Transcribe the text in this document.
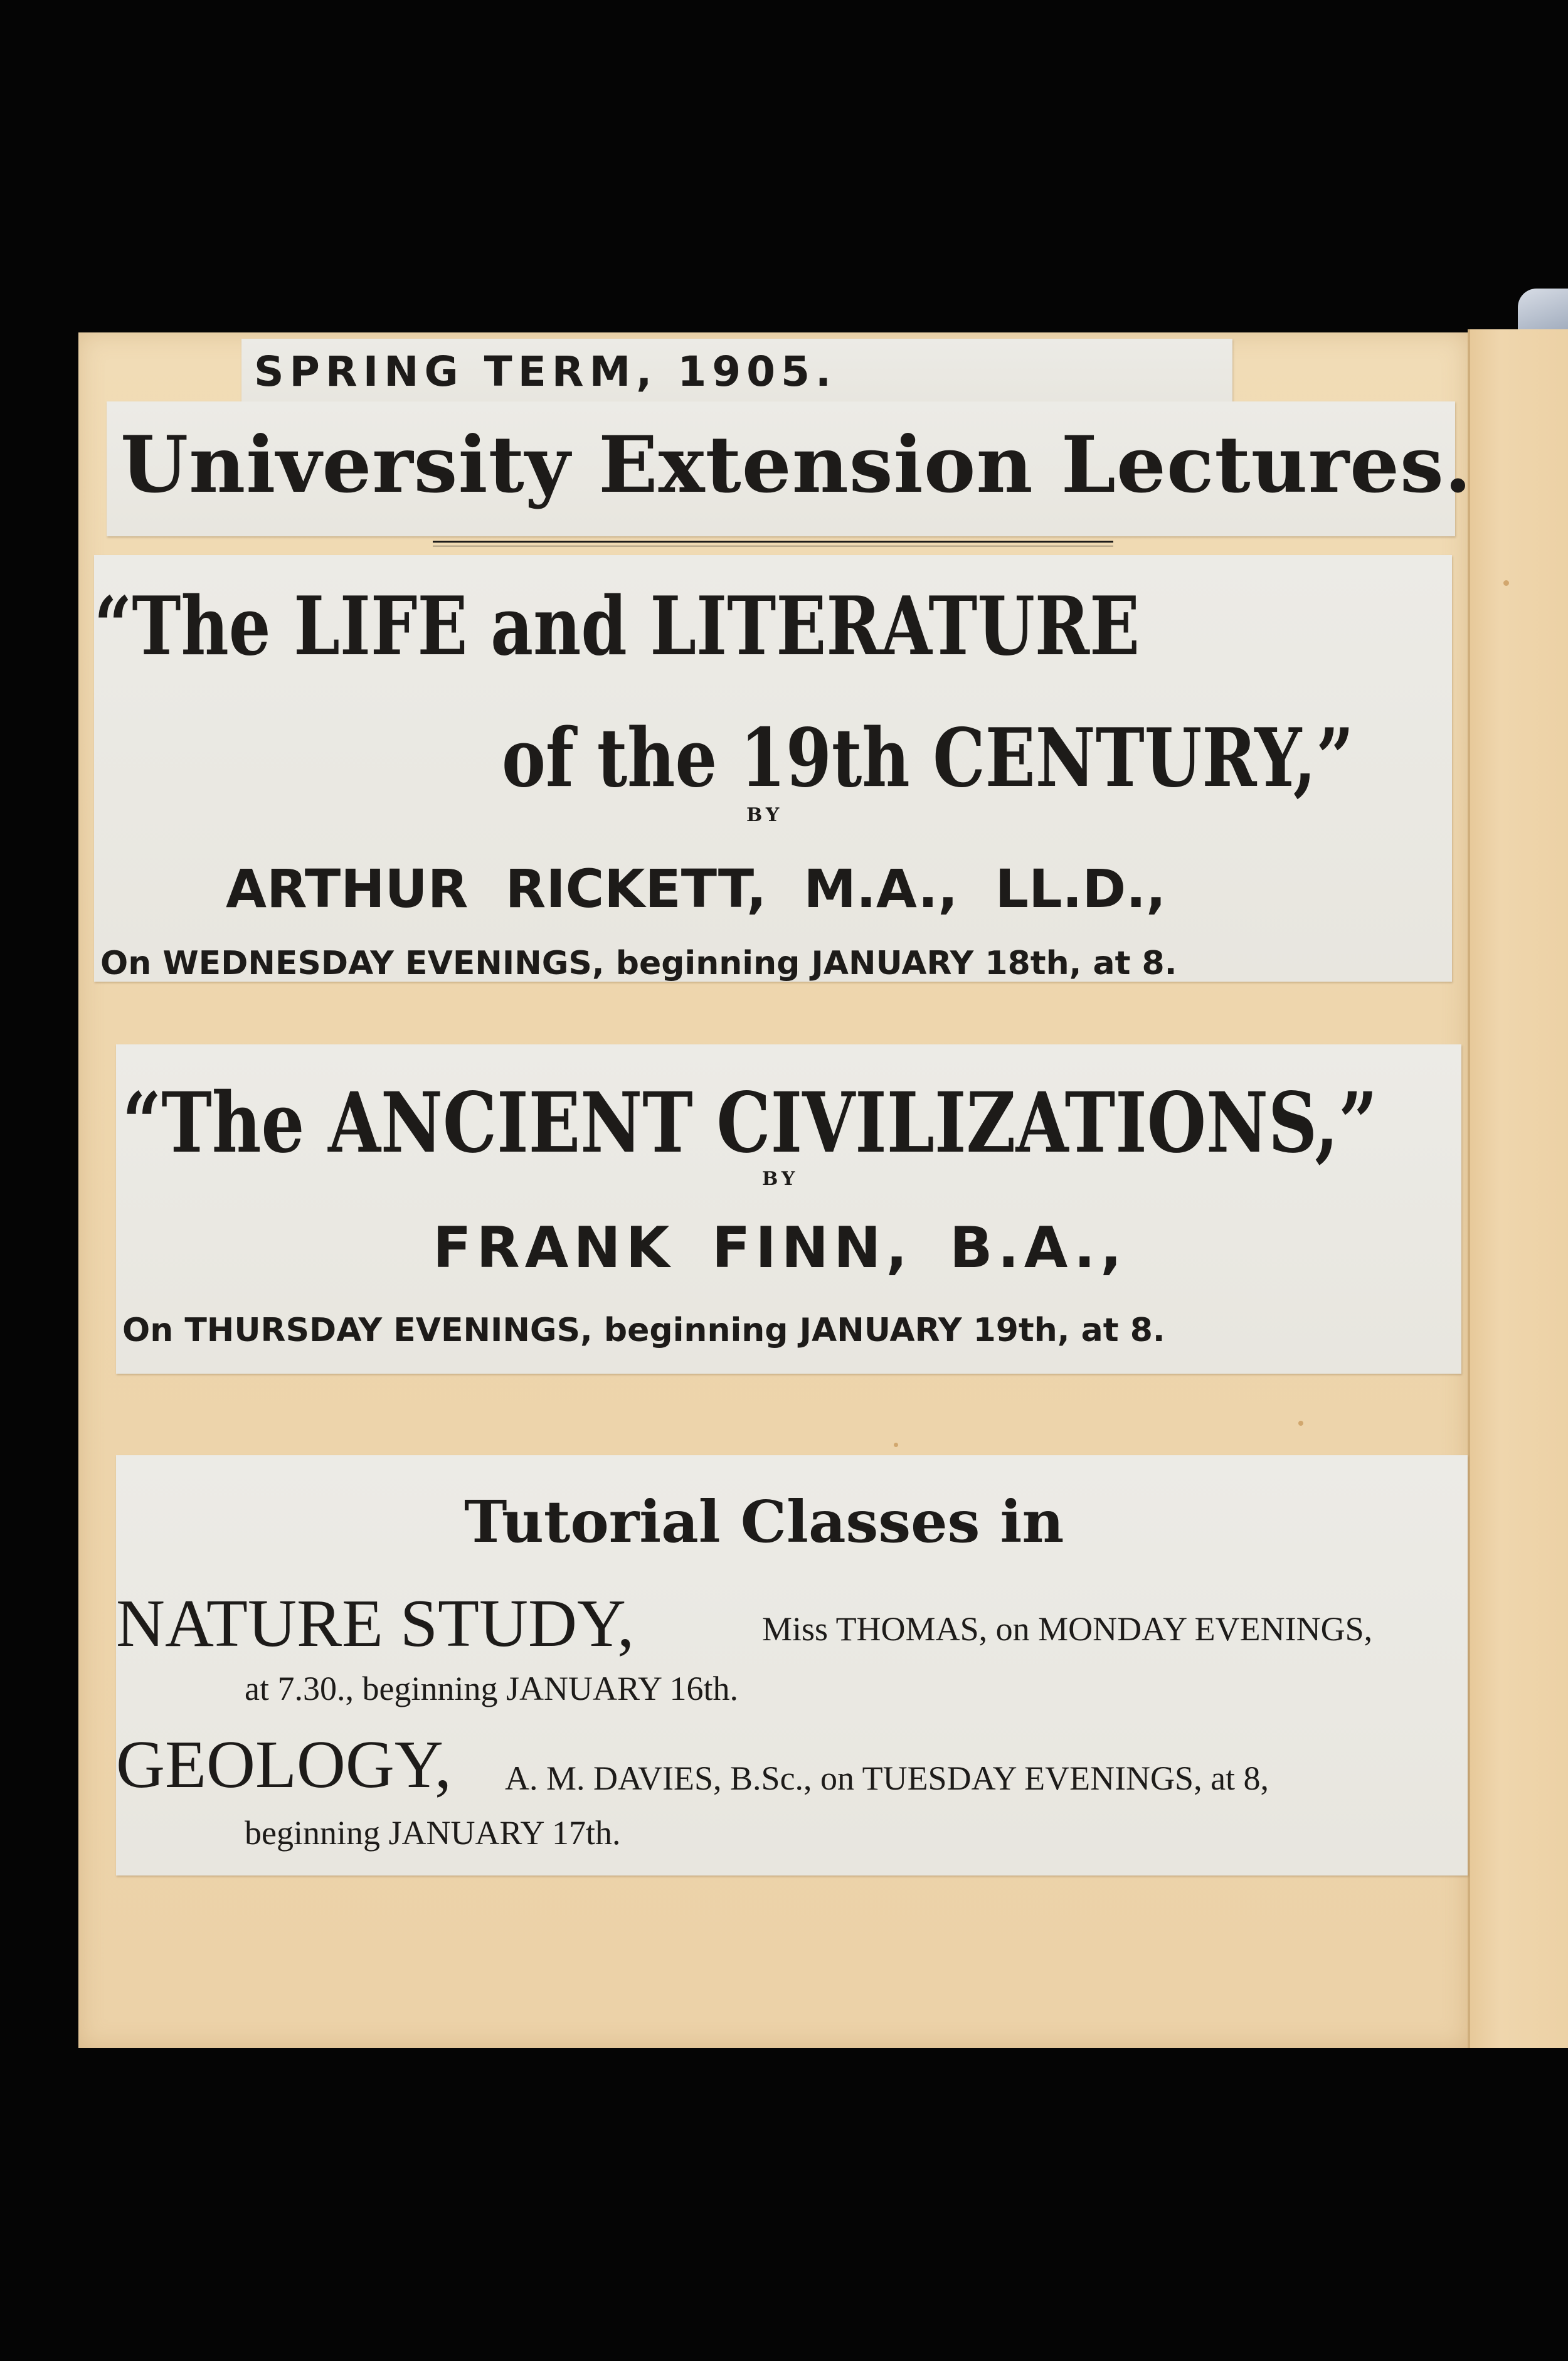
SPRING TERM, 1905.
University Extension Lectures.
“The LIFE and LITERATURE
of the 19th CENTURY,”
BY
ARTHUR RICKETT, M.A., LL.D.,
On WEDNESDAY EVENINGS, beginning JANUARY 18th, at 8.
“The ANCIENT CIVILIZATIONS,”
BY
FRANK FINN, B.A.,
On THURSDAY EVENINGS, beginning JANUARY 19th, at 8.
Tutorial Classes in
NATURE STUDY,	Miss THOMAS, on MONDAY EVENINGS,
at 7.30., beginning JANUARY 16th.
GEOLOGY, A. M. DAVIES, B.Sc., on TUESDAY EVENINGS, at 8,
beginning JANUARY 17th.
